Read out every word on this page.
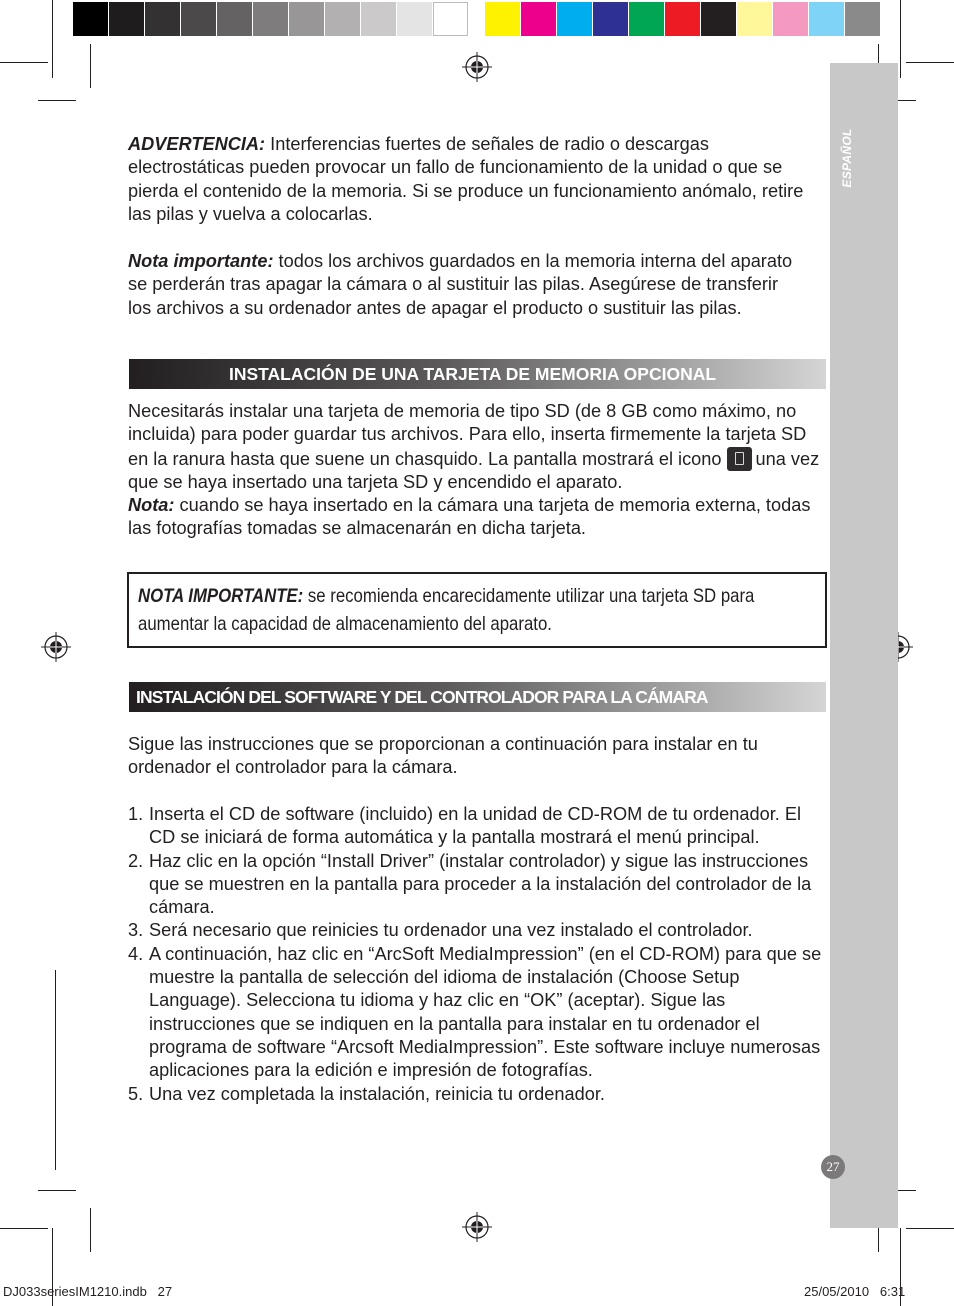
ESPAÑOL
ADVERTENCIA: Interferencias fuertes de señales de radio o descargas electrostáticas pueden provocar un fallo de funcionamiento de la unidad o que se pierda el contenido de la memoria. Si se produce un funcionamiento anómalo, retire las pilas y vuelva a colocarlas.
Nota importante: todos los archivos guardados en la memoria interna del aparato se perderán tras apagar la cámara o al sustituir las pilas. Asegúrese de transferir los archivos a su ordenador antes de apagar el producto o sustituir las pilas.
INSTALACIÓN DE UNA TARJETA DE MEMORIA OPCIONAL
Necesitarás instalar una tarjeta de memoria de tipo SD (de 8 GB como máximo, no incluida) para poder guardar tus archivos. Para ello, inserta firmemente la tarjeta SD en la ranura hasta que suene un chasquido. La pantalla mostrará el icono una vez que se haya insertado una tarjeta SD y encendido el aparato.
Nota: cuando se haya insertado en la cámara una tarjeta de memoria externa, todas las fotografías tomadas se almacenarán en dicha tarjeta.
NOTA IMPORTANTE: se recomienda encarecidamente utilizar una tarjeta SD para aumentar la capacidad de almacenamiento del aparato.
INSTALACIÓN DEL SOFTWARE Y DEL CONTROLADOR PARA LA CÁMARA
Sigue las instrucciones que se proporcionan a continuación para instalar en tu ordenador el controlador para la cámara.
1. Inserta el CD de software (incluido) en la unidad de CD-ROM de tu ordenador. El CD se iniciará de forma automática y la pantalla mostrará el menú principal.
2. Haz clic en la opción “Install Driver” (instalar controlador) y sigue las instrucciones que se muestren en la pantalla para proceder a la instalación del controlador de la cámara.
3. Será necesario que reinicies tu ordenador una vez instalado el controlador.
4. A continuación, haz clic en “ArcSoft MediaImpression” (en el CD-ROM) para que se muestre la pantalla de selección del idioma de instalación (Choose Setup Language). Selecciona tu idioma y haz clic en “OK” (aceptar). Sigue las instrucciones que se indiquen en la pantalla para instalar en tu ordenador el programa de software “Arcsoft MediaImpression”. Este software incluye numerosas aplicaciones para la edición e impresión de fotografías.
5. Una vez completada la instalación, reinicia tu ordenador.
27
DJ033seriesIM1210.indb   27	25/05/2010   6:31
